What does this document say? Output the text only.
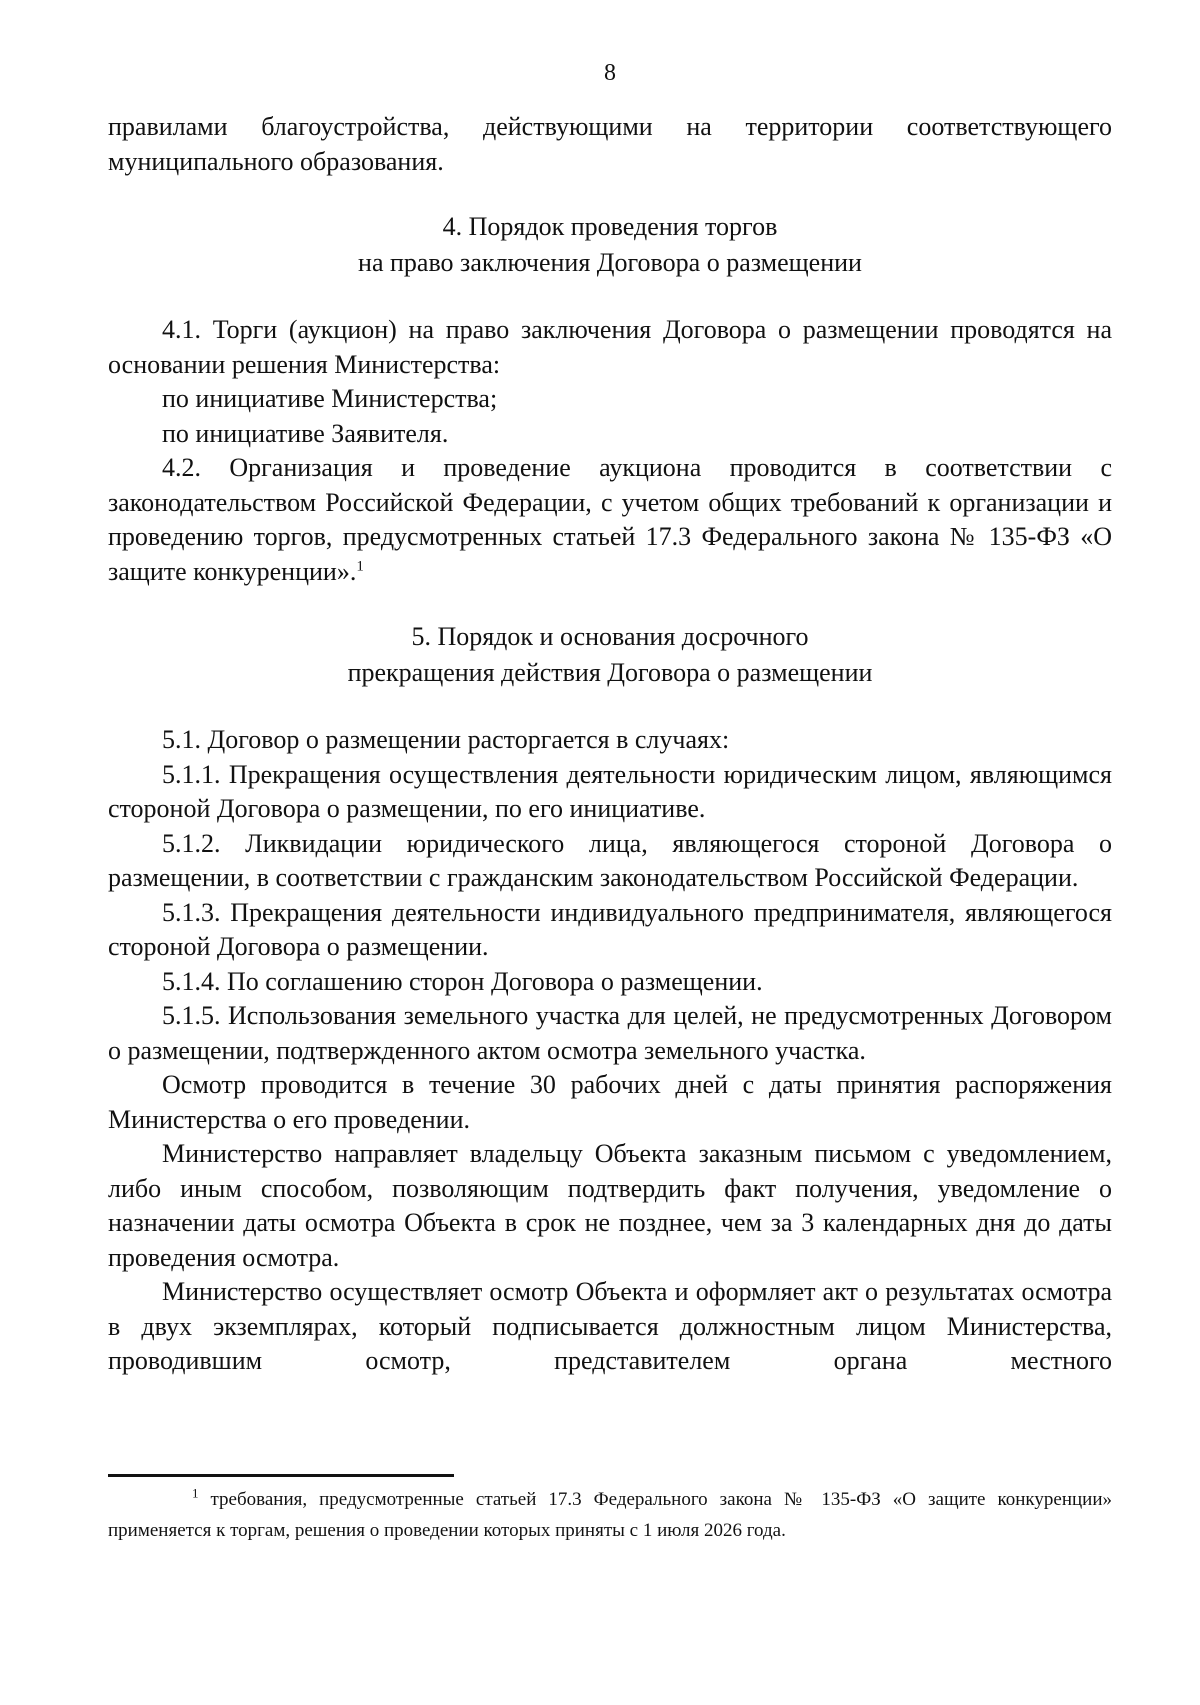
8

правилами благоустройства, действующими на территории соответствующего муниципального образования.

4. Порядок проведения торгов
на право заключения Договора о размещении

4.1. Торги (аукцион) на право заключения Договора о размещении проводятся на основании решения Министерства:

по инициативе Министерства;

по инициативе Заявителя.

4.2. Организация и проведение аукциона проводится в соответствии с законодательством Российской Федерации, с учетом общих требований к организации и проведению торгов, предусмотренных статьей 17.3 Федерального закона № 135-ФЗ «О защите конкуренции».$^1$

5. Порядок и основания досрочного
прекращения действия Договора о размещении

5.1. Договор о размещении расторгается в случаях:

5.1.1. Прекращения осуществления деятельности юридическим лицом, являющимся стороной Договора о размещении, по его инициативе.

5.1.2. Ликвидации юридического лица, являющегося стороной Договора о размещении, в соответствии с гражданским законодательством Российской Федерации.

5.1.3. Прекращения деятельности индивидуального предпринимателя, являющегося стороной Договора о размещении.

5.1.4. По соглашению сторон Договора о размещении.

5.1.5. Использования земельного участка для целей, не предусмотренных Договором о размещении, подтвержденного актом осмотра земельного участка.

Осмотр проводится в течение 30 рабочих дней с даты принятия распоряжения Министерства о его проведении.

Министерство направляет владельцу Объекта заказным письмом с уведомлением, либо иным способом, позволяющим подтвердить факт получения, уведомление о назначении даты осмотра Объекта в срок не позднее, чем за 3 календарных дня до даты проведения осмотра.

Министерство осуществляет осмотр Объекта и оформляет акт о результатах осмотра в двух экземплярах, который подписывается должностным лицом Министерства, проводившим осмотр, представителем органа местного

$^1$ требования, предусмотренные статьей 17.3 Федерального закона № 135-ФЗ «О защите конкуренции» применяется к торгам, решения о проведении которых приняты с 1 июля 2026 года.
